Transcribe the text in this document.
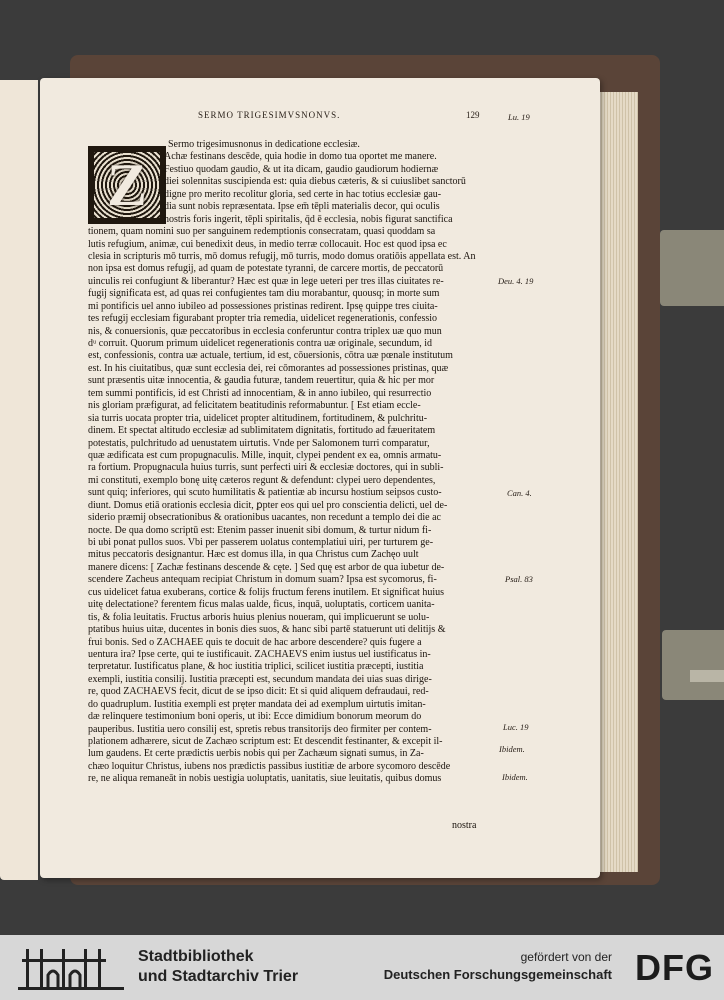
SERMO TRIGESIMVSNONVS.	129
Z
Sermo trigesimusnonus in dedicatione ecclesiæ.
Achæ festinans descēde, quia hodie in domo tua oportet me manere.
Festiuo quodam gaudio, & ut ita dicam, gaudio gaudiorum hodiernæ
diei solennitas suscipienda est: quia diebus cæteris, & si cuiuslibet sanctorū
digne pro merito recolitur gloria, sed certe in hac totius ecclesiæ gau-
dia sunt nobis repræsentata. Ipse em̄ tēpli materialis decor, qui oculis
nostris foris ingerit, tēpli spiritalis, q̄d ē ecclesia, nobis figurat sanctifica
tionem, quam nomini suo per sanguinem redemptionis consecratam, quasi quoddam sa
lutis refugium, animæ, cui benedixit deus, in medio terræ collocauit. Hoc est quod ipsa ec
clesia in scripturis mō turris, mō domus refugij, mō turris, modo domus oratiōis appellata est. An
non ipsa est domus refugij, ad quam de potestate tyranni, de carcere mortis, de peccatorū
uinculis rei confugiunt & liberantur? Hæc est quæ in lege ueteri per tres illas ciuitates re-
fugij significata est, ad quas rei confugientes tam diu morabantur, quousq; in morte sum
mi pontificis uel anno iubileo ad possessiones pristinas redirent. Ipsę quippe tres ciuita-
tes refugij ecclesiam figurabant propter tria remedia, uidelicet regenerationis, confessio
nis, & conuersionis, quæ peccatoribus in ecclesia conferuntur contra triplex uæ quo mun
dᵘ corruit. Quorum primum uidelicet regenerationis contra uæ originale, secundum, id
est, confessionis, contra uæ actuale, tertium, id est, cōuersionis, cōtra uæ pœnale institutum
est. In his ciuitatibus, quæ sunt ecclesia dei, rei cōmorantes ad possessiones pristinas, quæ
sunt præsentis uitæ innocentia, & gaudia futuræ, tandem reuertitur, quia & hic per mor
tem summi pontificis, id est Christi ad innocentiam, & in anno iubileo, qui resurrectio
nis gloriam præfigurat, ad felicitatem beatitudinis reformabuntur. [ Est etiam eccle-
sia turris uocata propter tria, uidelicet propter altitudinem, fortitudinem, & pulchritu-
dinem. Et spectat altitudo ecclesiæ ad sublimitatem dignitatis, fortitudo ad fæueritatem
potestatis, pulchritudo ad uenustatem uirtutis. Vnde per Salomonem turri comparatur,
quæ ædificata est cum propugnaculis. Mille, inquit, clypei pendent ex ea, omnis armatu-
ra fortium. Propugnacula huius turris, sunt perfecti uiri & ecclesiæ doctores, qui in subli-
mi constituti, exemplo bonę uitę cæteros regunt & defendunt: clypei uero dependentes,
sunt quiq; inferiores, qui scuto humilitatis & patientiæ ab incursu hostium seipsos custo-
diunt. Domus etiā orationis ecclesia dicit, ꝑpter eos qui uel pro conscientia delicti, uel de-
siderio præmij obsecrationibus & orationibus uacantes, non recedunt a templo dei die ac
nocte. De qua domo scriptū est: Etenim passer inuenit sibi domum, & turtur nidum fi-
bi ubi ponat pullos suos. Vbi per passerem uolatus contemplatiui uiri, per turturem ge-
mitus peccatoris designantur. Hæc est domus illa, in qua Christus cum Zachęo uult
manere dicens: [ Zachæ festinans descende & cęte. ] Sed quę est arbor de qua iubetur de-
scendere Zacheus antequam recipiat Christum in domum suam? Ipsa est sycomorus, fi-
cus uidelicet fatua exuberans, cortice & folijs fructum ferens inutilem. Et significat huius
uitę delectatione? ferentem ficus malas ualde, ficus, inquā, uoluptatis, corticem uanita-
tis, & folia leuitatis. Fructus arboris huius plenius noueram, qui implicuerunt se uolu-
ptatibus huius uitæ, ducentes in bonis dies suos, & hanc sibi partē statuerunt uti delitijs &
frui bonis. Sed o ZACHAEE quis te docuit de hac arbore descendere? quis fugere a
uentura ira? Ipse certe, qui te iustificauit. ZACHAEVS enim iustus uel iustificatus in-
terpretatur. Iustificatus plane, & hoc iustitia triplici, scilicet iustitia præcepti, iustitia
exempli, iustitia consilij. Iustitia præcepti est, secundum mandata dei uias suas dirige-
re, quod ZACHAEVS fecit, dicut de se ipso dicit: Et si quid aliquem defraudaui, red-
do quadruplum. Iustitia exempli est pręter mandata dei ad exemplum uirtutis imitan-
dæ relinquere testimonium boni operis, ut ibi: Ecce dimidium bonorum meorum do
pauperibus. Iustitia uero consilij est, spretis rebus transitorijs deo firmiter per contem-
plationem adhærere, sicut de Zachæo scriptum est: Et descendit festinanter, & excepit il-
lum gaudens. Et certe prædictis uerbis nobis qui per Zachæum signati sumus, in Za-
chæo loquitur Christus, iubens nos prædictis passibus iustitiæ de arbore sycomoro descēde
re, ne aliqua remaneāt in nobis uestigia uoluptatis, uanitatis, siue leuitatis, quibus domus
nostra
Lu. 19
Deu. 4. 19
Can. 4.
Psal. 83
Luc. 19
Ibidem.
Ibidem.
Stadtbibliothek
und Stadtarchiv Trier
gefördert von der
Deutschen Forschungsgemeinschaft DFG
